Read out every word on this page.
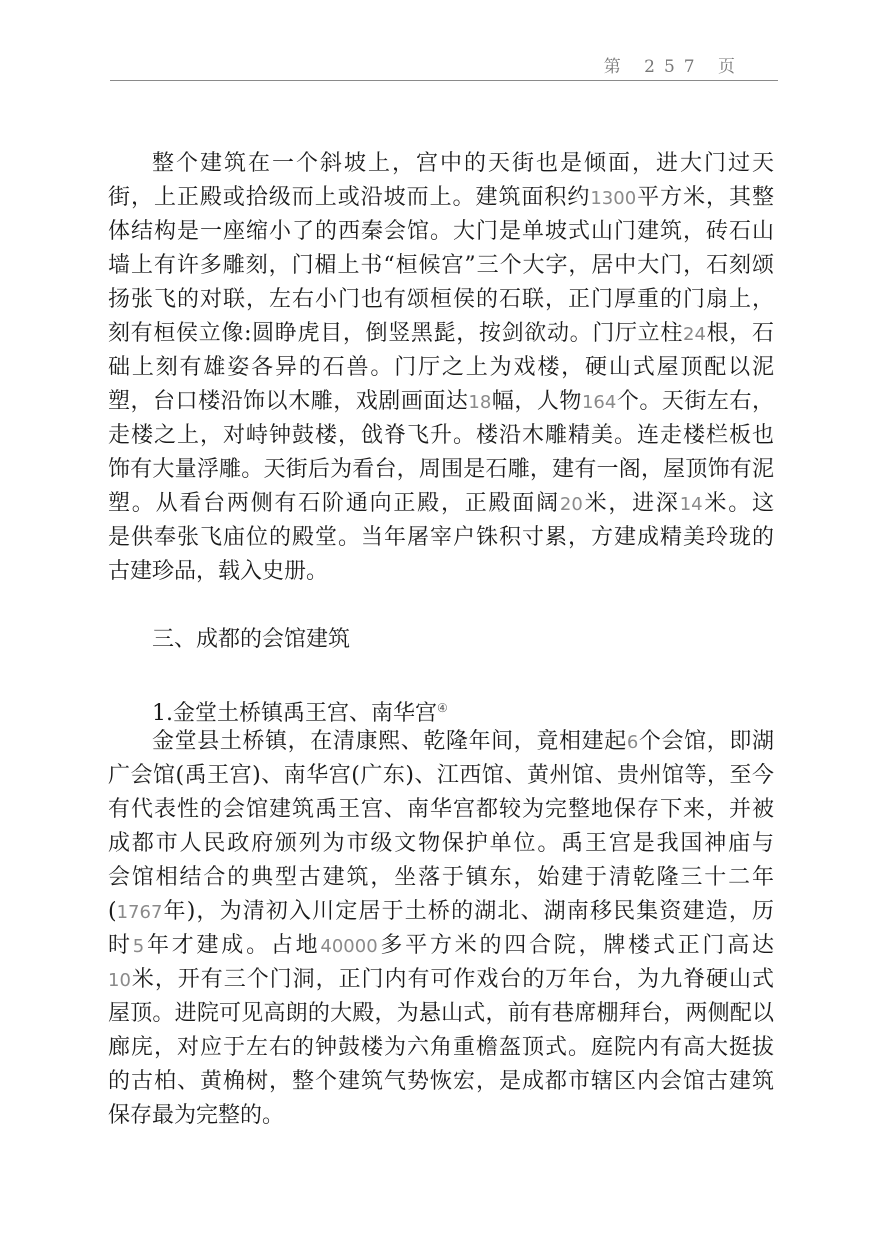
第 257 页
整个建筑在一个斜坡上，宫中的天街也是倾面，进大门过天
街，上正殿或拾级而上或沿坡而上。建筑面积约1300平方米，其整
体结构是一座缩小了的西秦会馆。大门是单坡式山门建筑，砖石山
墙上有许多雕刻，门楣上书“桓候宫”三个大字，居中大门，石刻颂
扬张飞的对联，左右小门也有颂桓侯的石联，正门厚重的门扇上，
刻有桓侯立像:圆睁虎目，倒竖黑髭，按剑欲动。门厅立柱24根，石
础上刻有雄姿各异的石兽。门厅之上为戏楼，硬山式屋顶配以泥
塑，台口楼沿饰以木雕，戏剧画面达18幅，人物164个。天街左右，
走楼之上，对峙钟鼓楼，戗脊飞升。楼沿木雕精美。连走楼栏板也
饰有大量浮雕。天街后为看台，周围是石雕，建有一阁，屋顶饰有泥
塑。从看台两侧有石阶通向正殿，正殿面阔20米，进深14米。这
是供奉张飞庙位的殿堂。当年屠宰户铢积寸累，方建成精美玲珑的
古建珍品，载入史册。
三、成都的会馆建筑
1.金堂土桥镇禹王宫、南华宫④
金堂县土桥镇，在清康熙、乾隆年间，竟相建起6个会馆，即湖
广会馆(禹王宫)、南华宫(广东)、江西馆、黄州馆、贵州馆等，至今
有代表性的会馆建筑禹王宫、南华宫都较为完整地保存下来，并被
成都市人民政府颁列为市级文物保护单位。禹王宫是我国神庙与
会馆相结合的典型古建筑，坐落于镇东，始建于清乾隆三十二年
(1767年)，为清初入川定居于土桥的湖北、湖南移民集资建造，历
时5年才建成。占地40000多平方米的四合院，牌楼式正门高达
10米，开有三个门洞，正门内有可作戏台的万年台，为九脊硬山式
屋顶。进院可见高朗的大殿，为悬山式，前有巷席棚拜台，两侧配以
廊庑，对应于左右的钟鼓楼为六角重檐盔顶式。庭院内有高大挺拔
的古柏、黄桷树，整个建筑气势恢宏，是成都市辖区内会馆古建筑
保存最为完整的。
